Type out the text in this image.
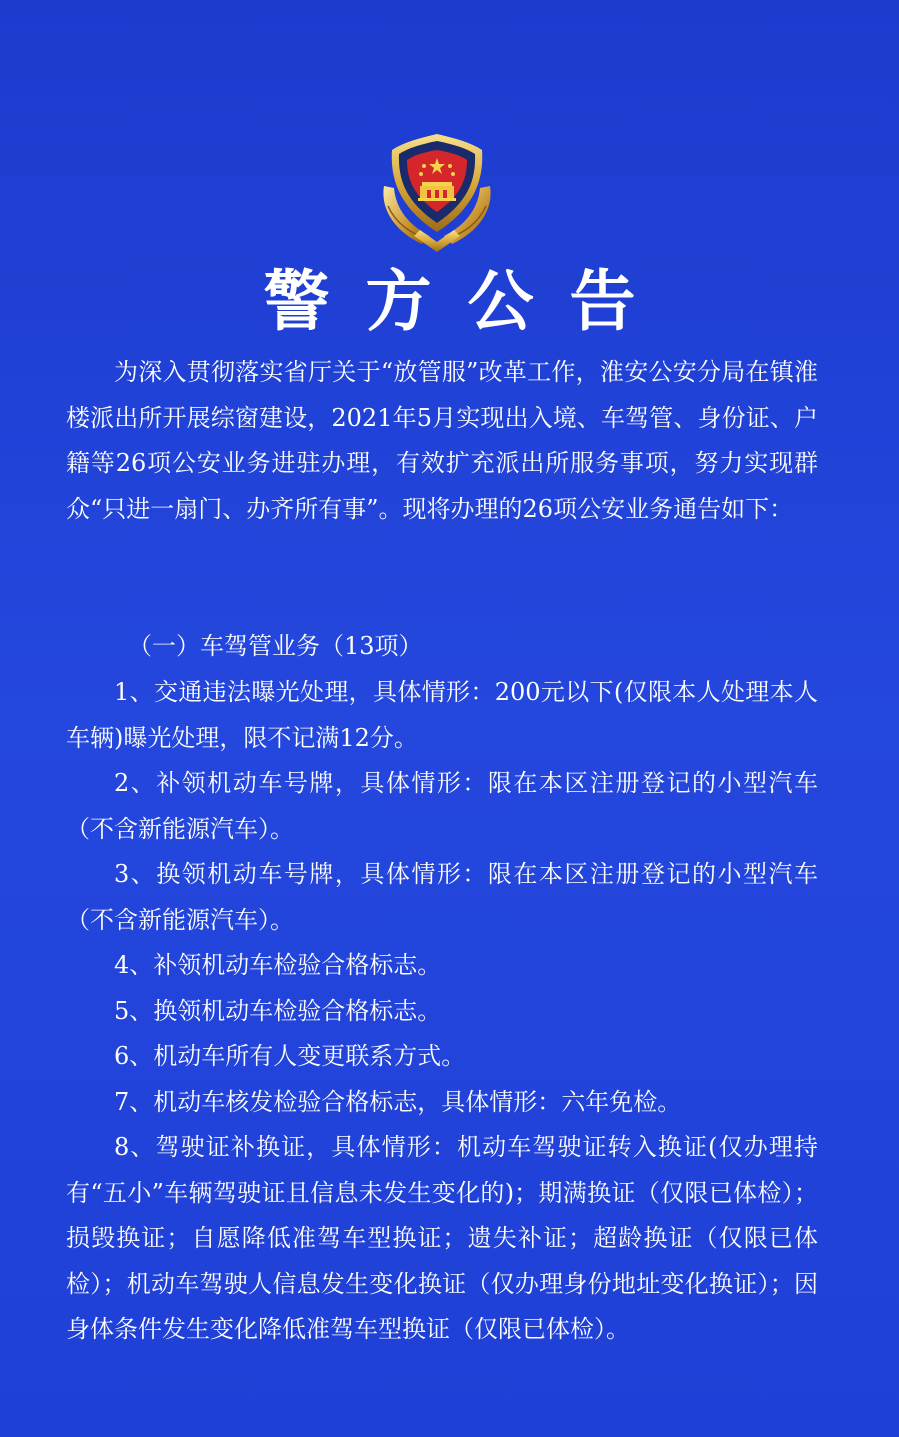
警方公告
为深入贯彻落实省厅关于“放管服”改革工作，淮安公安分局在镇淮楼派出所开展综窗建设，2021年5月实现出入境、车驾管、身份证、户籍等26项公安业务进驻办理，有效扩充派出所服务事项，努力实现群众“只进一扇门、办齐所有事”。现将办理的26项公安业务通告如下：
（一）车驾管业务（13项）

1、交通违法曝光处理，具体情形：200元以下(仅限本人处理本人车辆)曝光处理，限不记满12分。

2、补领机动车号牌，具体情形：限在本区注册登记的小型汽车（不含新能源汽车）。

3、换领机动车号牌，具体情形：限在本区注册登记的小型汽车（不含新能源汽车）。

4、补领机动车检验合格标志。

5、换领机动车检验合格标志。

6、机动车所有人变更联系方式。

7、机动车核发检验合格标志，具体情形：六年免检。

8、驾驶证补换证，具体情形：机动车驾驶证转入换证(仅办理持有“五小”车辆驾驶证且信息未发生变化的)；期满换证（仅限已体检）；损毁换证；自愿降低准驾车型换证；遗失补证；超龄换证（仅限已体检）；机动车驾驶人信息发生变化换证（仅办理身份地址变化换证）；因身体条件发生变化降低准驾车型换证（仅限已体检）。
